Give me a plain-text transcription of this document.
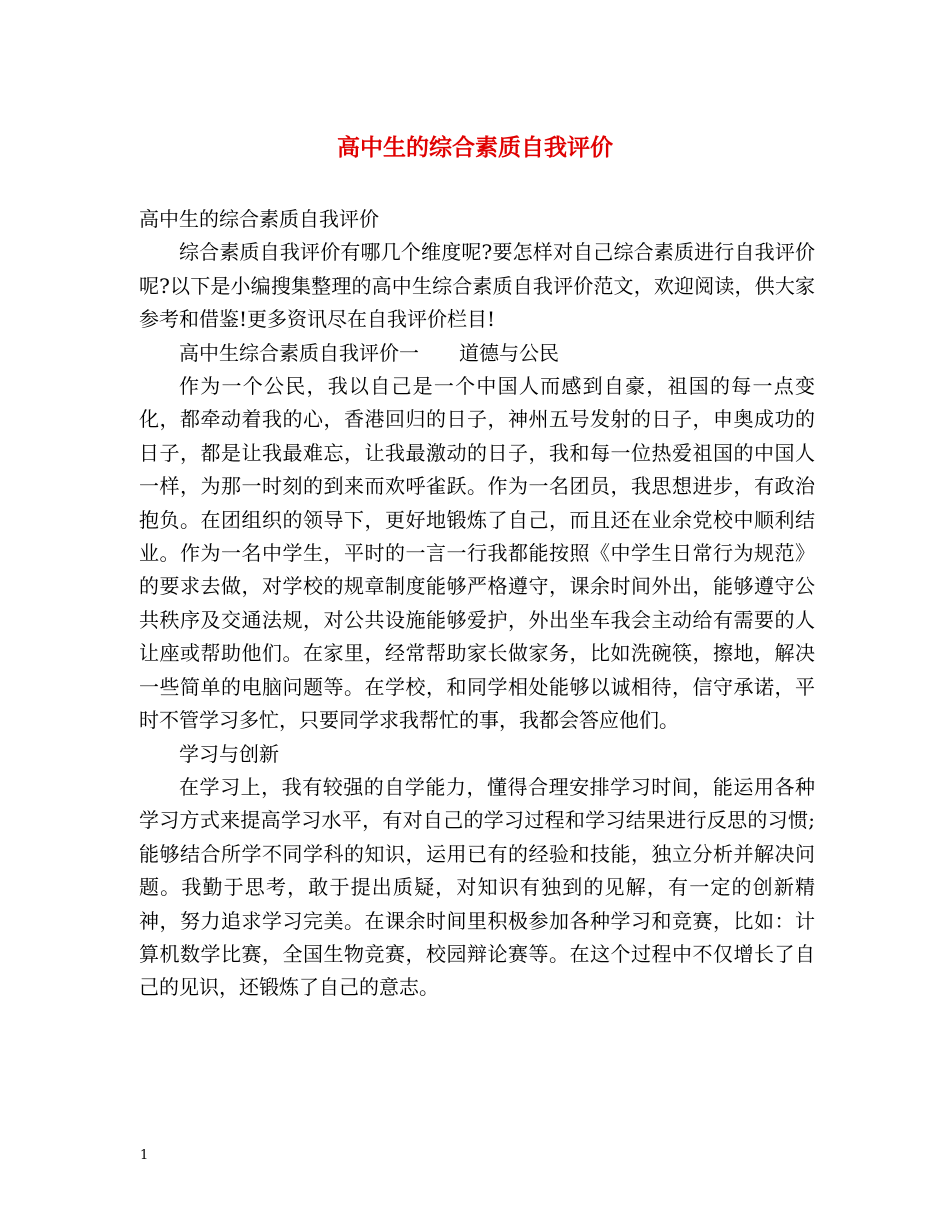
高中生的综合素质自我评价

高中生的综合素质自我评价

综合素质自我评价有哪几个维度呢?要怎样对自己综合素质进行自我评价呢?以下是小编搜集整理的高中生综合素质自我评价范文，欢迎阅读，供大家参考和借鉴!更多资讯尽在自我评价栏目!

高中生综合素质自我评价一 道德与公民

作为一个公民，我以自己是一个中国人而感到自豪，祖国的每一点变化，都牵动着我的心，香港回归的日子，神州五号发射的日子，申奥成功的日子，都是让我最难忘，让我最激动的日子，我和每一位热爱祖国的中国人一样，为那一时刻的到来而欢呼雀跃。作为一名团员，我思想进步，有政治抱负。在团组织的领导下，更好地锻炼了自己，而且还在业余党校中顺利结业。作为一名中学生，平时的一言一行我都能按照《中学生日常行为规范》的要求去做，对学校的规章制度能够严格遵守，课余时间外出，能够遵守公共秩序及交通法规，对公共设施能够爱护，外出坐车我会主动给有需要的人让座或帮助他们。在家里，经常帮助家长做家务，比如洗碗筷，擦地，解决一些简单的电脑问题等。在学校，和同学相处能够以诚相待，信守承诺，平时不管学习多忙，只要同学求我帮忙的事，我都会答应他们。

学习与创新

在学习上，我有较强的自学能力，懂得合理安排学习时间，能运用各种学习方式来提高学习水平，有对自己的学习过程和学习结果进行反思的习惯;能够结合所学不同学科的知识，运用已有的经验和技能，独立分析并解决问题。我勤于思考，敢于提出质疑，对知识有独到的见解，有一定的创新精神，努力追求学习完美。在课余时间里积极参加各种学习和竞赛，比如：计算机数学比赛，全国生物竞赛，校园辩论赛等。在这个过程中不仅增长了自己的见识，还锻炼了自己的意志。

1
